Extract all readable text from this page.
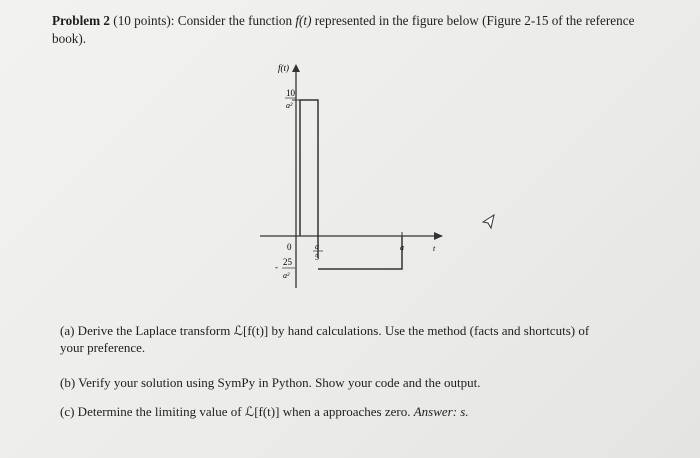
Problem 2 (10 points): Consider the function f(t) represented in the figure below (Figure 2-15 of the reference book).
f(t)
10
a²
0
- 25
a²
a
5
a	t
(a) Derive the Laplace transform ℒ[f(t)] by hand calculations. Use the method (facts and shortcuts) of
your preference.
(b) Verify your solution using SymPy in Python. Show your code and the output.
(c) Determine the limiting value of ℒ[f(t)] when a approaches zero. Answer: s.
